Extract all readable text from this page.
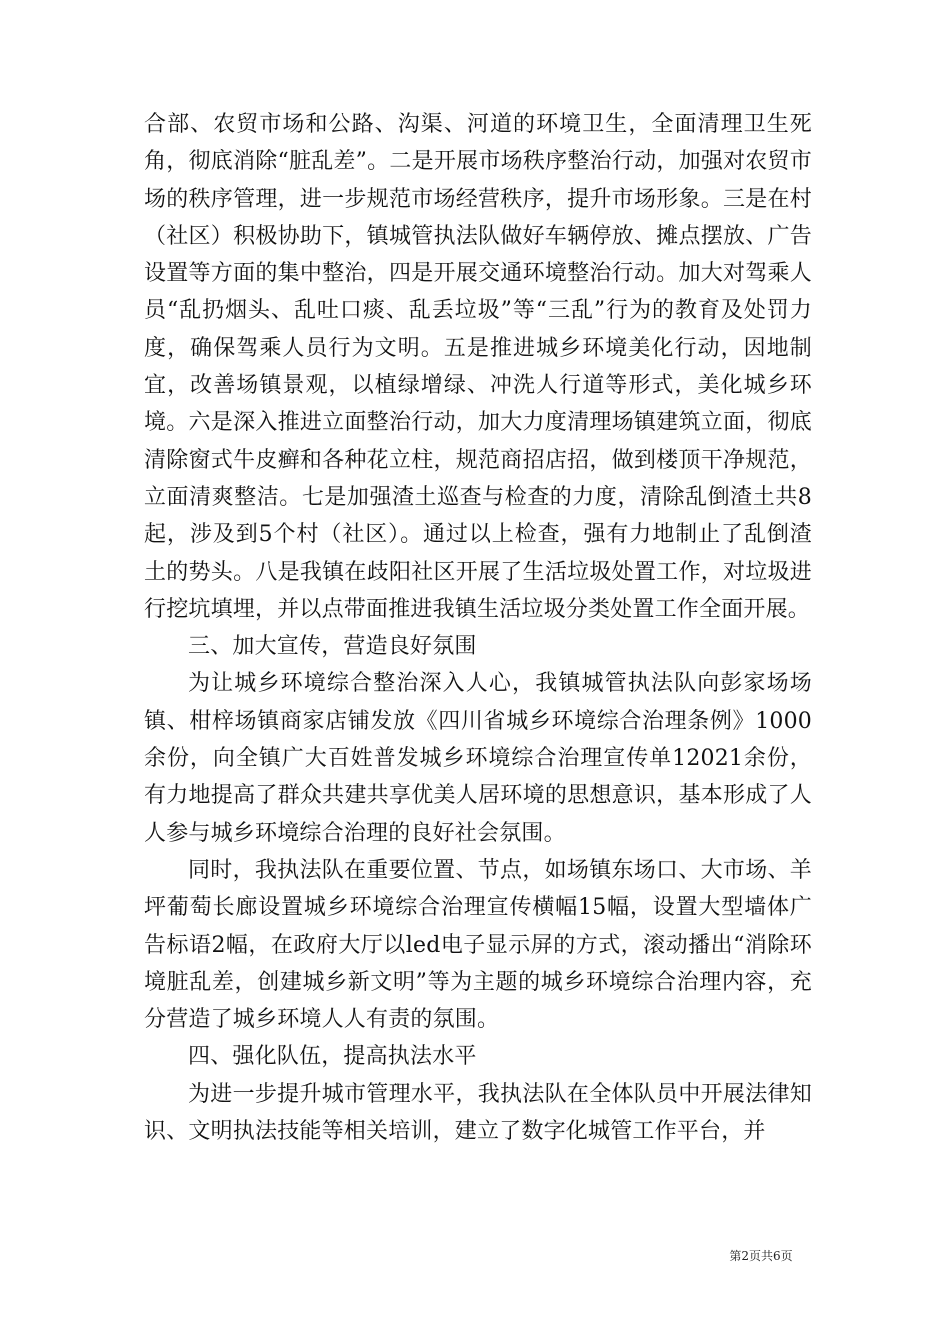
合部、农贸市场和公路、沟渠、河道的环境卫生，全面清理卫生死角，彻底消除“脏乱差”。二是开展市场秩序整治行动，加强对农贸市场的秩序管理，进一步规范市场经营秩序，提升市场形象。三是在村（社区）积极协助下，镇城管执法队做好车辆停放、摊点摆放、广告设置等方面的集中整治，四是开展交通环境整治行动。加大对驾乘人员“乱扔烟头、乱吐口痰、乱丢垃圾”等“三乱”行为的教育及处罚力度，确保驾乘人员行为文明。五是推进城乡环境美化行动，因地制宜，改善场镇景观，以植绿增绿、冲洗人行道等形式，美化城乡环境。六是深入推进立面整治行动，加大力度清理场镇建筑立面，彻底清除窗式牛皮癣和各种花立柱，规范商招店招，做到楼顶干净规范，立面清爽整洁。七是加强渣土巡查与检查的力度，清除乱倒渣土共8起，涉及到5个村（社区）。通过以上检查，强有力地制止了乱倒渣土的势头。八是我镇在歧阳社区开展了生活垃圾处置工作，对垃圾进行挖坑填埋，并以点带面推进我镇生活垃圾分类处置工作全面开展。

三、加大宣传，营造良好氛围

为让城乡环境综合整治深入人心，我镇城管执法队向彭家场场镇、柑梓场镇商家店铺发放《四川省城乡环境综合治理条例》1000余份，向全镇广大百姓普发城乡环境综合治理宣传单12021余份，有力地提高了群众共建共享优美人居环境的思想意识，基本形成了人人参与城乡环境综合治理的良好社会氛围。

同时，我执法队在重要位置、节点，如场镇东场口、大市场、羊坪葡萄长廊设置城乡环境综合治理宣传横幅15幅，设置大型墙体广告标语2幅，在政府大厅以led电子显示屏的方式，滚动播出“消除环境脏乱差，创建城乡新文明”等为主题的城乡环境综合治理内容，充分营造了城乡环境人人有责的氛围。

四、强化队伍，提高执法水平

为进一步提升城市管理水平，我执法队在全体队员中开展法律知识、文明执法技能等相关培训，建立了数字化城管工作平台，并

第2页共6页
